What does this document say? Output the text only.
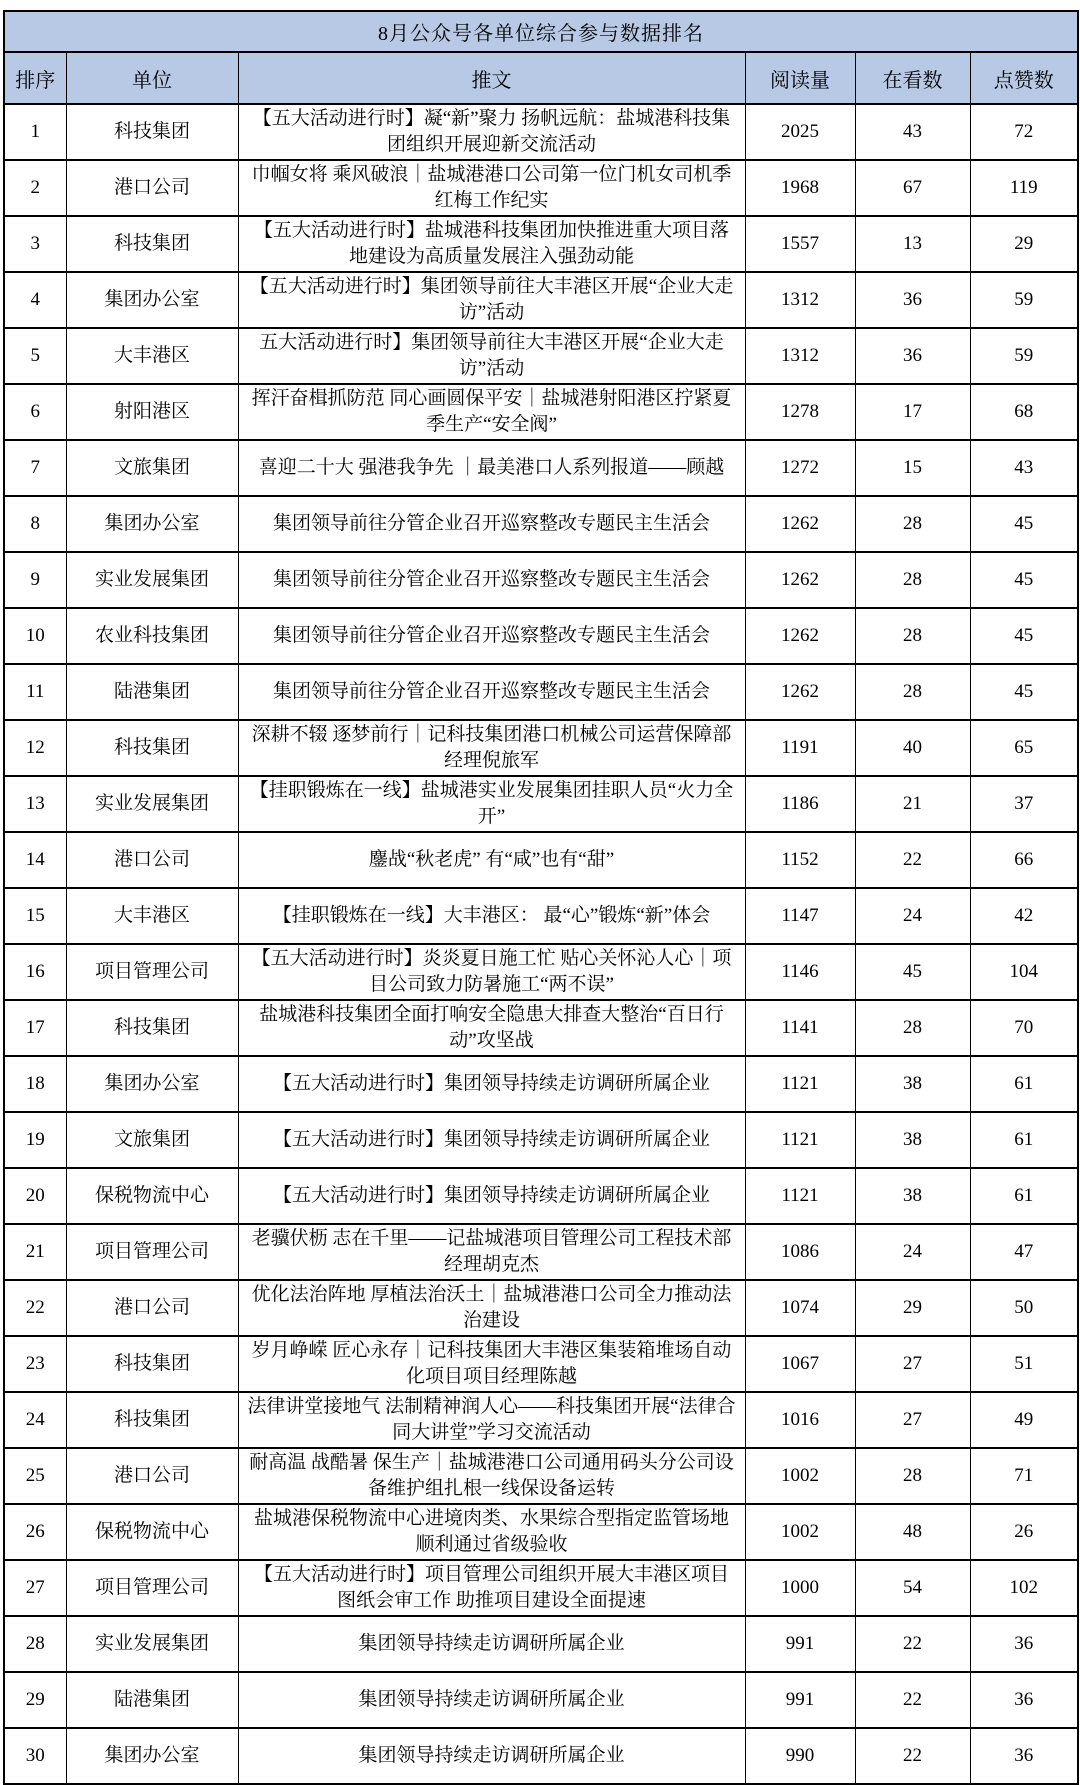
8月公众号各单位综合参与数据排名					
排序	单位	推文	阅读量	在看数	点赞数
1	科技集团	【五大活动进行时】凝“新”聚力 扬帆远航：盐城港科技集团组织开展迎新交流活动	2025	43	72
2	港口公司	巾帼女将 乘风破浪｜盐城港港口公司第一位门机女司机季红梅工作纪实	1968	67	119
3	科技集团	【五大活动进行时】盐城港科技集团加快推进重大项目落地建设为高质量发展注入强劲动能	1557	13	29
4	集团办公室	【五大活动进行时】集团领导前往大丰港区开展“企业大走访”活动	1312	36	59
5	大丰港区	五大活动进行时】集团领导前往大丰港区开展“企业大走访”活动	1312	36	59
6	射阳港区	挥汗奋楫抓防范 同心画圆保平安｜盐城港射阳港区拧紧夏季生产“安全阀”	1278	17	68
7	文旅集团	喜迎二十大 强港我争先 ｜最美港口人系列报道——顾越	1272	15	43
8	集团办公室	集团领导前往分管企业召开巡察整改专题民主生活会	1262	28	45
9	实业发展集团	集团领导前往分管企业召开巡察整改专题民主生活会	1262	28	45
10	农业科技集团	集团领导前往分管企业召开巡察整改专题民主生活会	1262	28	45
11	陆港集团	集团领导前往分管企业召开巡察整改专题民主生活会	1262	28	45
12	科技集团	深耕不辍 逐梦前行｜记科技集团港口机械公司运营保障部经理倪旅军	1191	40	65
13	实业发展集团	【挂职锻炼在一线】盐城港实业发展集团挂职人员“火力全开”	1186	21	37
14	港口公司	鏖战“秋老虎” 有“咸”也有“甜”	1152	22	66
15	大丰港区	【挂职锻炼在一线】大丰港区： 最“心”锻炼“新”体会	1147	24	42
16	项目管理公司	【五大活动进行时】炎炎夏日施工忙 贴心关怀沁人心｜项目公司致力防暑施工“两不误”	1146	45	104
17	科技集团	盐城港科技集团全面打响安全隐患大排查大整治“百日行动”攻坚战	1141	28	70
18	集团办公室	【五大活动进行时】集团领导持续走访调研所属企业	1121	38	61
19	文旅集团	【五大活动进行时】集团领导持续走访调研所属企业	1121	38	61
20	保税物流中心	【五大活动进行时】集团领导持续走访调研所属企业	1121	38	61
21	项目管理公司	老骥伏枥 志在千里——记盐城港项目管理公司工程技术部经理胡克杰	1086	24	47
22	港口公司	优化法治阵地 厚植法治沃土｜盐城港港口公司全力推动法治建设	1074	29	50
23	科技集团	岁月峥嵘 匠心永存｜记科技集团大丰港区集装箱堆场自动化项目项目经理陈越	1067	27	51
24	科技集团	法律讲堂接地气 法制精神润人心——科技集团开展“法律合同大讲堂”学习交流活动	1016	27	49
25	港口公司	耐高温 战酷暑 保生产｜盐城港港口公司通用码头分公司设备维护组扎根一线保设备运转	1002	28	71
26	保税物流中心	盐城港保税物流中心进境肉类、水果综合型指定监管场地顺利通过省级验收	1002	48	26
27	项目管理公司	【五大活动进行时】项目管理公司组织开展大丰港区项目图纸会审工作 助推项目建设全面提速	1000	54	102
28	实业发展集团	集团领导持续走访调研所属企业	991	22	36
29	陆港集团	集团领导持续走访调研所属企业	991	22	36
30	集团办公室	集团领导持续走访调研所属企业	990	22	36
